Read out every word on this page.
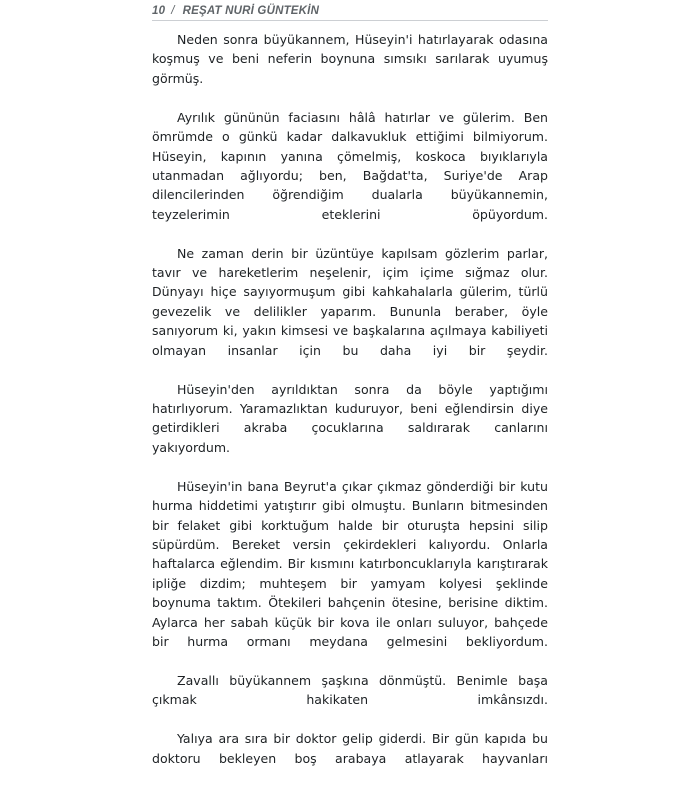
10 / REŞAT NURİ GÜNTEKİN

Neden sonra büyükannem, Hüseyin'i hatırlayarak odasına koşmuş ve beni neferin boynuna sımsıkı sarılarak uyumuş görmüş.

Ayrılık gününün faciasını hâlâ hatırlar ve gülerim. Ben ömrümde o günkü kadar dalkavukluk ettiğimi bilmiyorum. Hüseyin, kapının yanına çömelmiş, koskoca bıyıklarıyla utanmadan ağlıyordu; ben, Bağdat'ta, Suriye'de Arap dilencilerinden öğrendiğim dualarla büyükannemin, teyzelerimin eteklerini öpüyordum.

Ne zaman derin bir üzüntüye kapılsam gözlerim parlar, tavır ve hareketlerim neşelenir, içim içime sığmaz olur. Dünyayı hiçe sayıyormuşum gibi kahkahalarla gülerim, türlü gevezelik ve delilikler yaparım. Bununla beraber, öyle sanıyorum ki, yakın kimsesi ve başkalarına açılmaya kabiliyeti olmayan insanlar için bu daha iyi bir şeydir.

Hüseyin'den ayrıldıktan sonra da böyle yaptığımı hatırlıyorum. Yaramazlıktan kuduruyor, beni eğlendirsin diye getirdikleri akraba çocuklarına saldırarak canlarını yakıyordum.

Hüseyin'in bana Beyrut'a çıkar çıkmaz gönderdiği bir kutu hurma hiddetimi yatıştırır gibi olmuştu. Bunların bitmesinden bir felaket gibi korktuğum halde bir oturuşta hepsini silip süpürdüm. Bereket versin çekirdekleri kalıyordu. Onlarla haftalarca eğlendim. Bir kısmını katırboncuklarıyla karıştırarak ipliğe dizdim; muhteşem bir yamyam kolyesi şeklinde boynuma taktım. Ötekileri bahçenin ötesine, berisine diktim. Aylarca her sabah küçük bir kova ile onları suluyor, bahçede bir hurma ormanı meydana gelmesini bekliyordum.

Zavallı büyükannem şaşkına dönmüştü. Benimle başa çıkmak hakikaten imkânsızdı.

Yalıya ara sıra bir doktor gelip giderdi. Bir gün kapıda bu doktoru bekleyen boş arabaya atlayarak hayvanları
